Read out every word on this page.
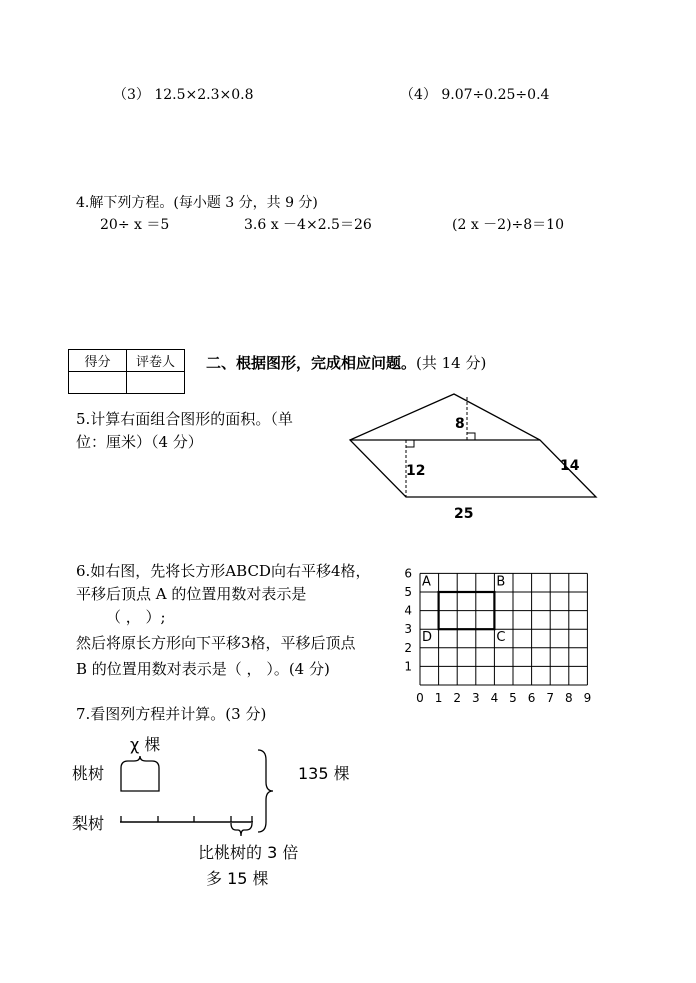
（3） 12.5×2.3×0.8	（4） 9.07÷0.25÷0.4
4.解下列方程。(每小题 3 分，共 9 分)
20÷ x ＝5	3.6 x －4×2.5＝26	(2 x －2)÷8＝10
得分	评卷人
	二、根据图形，完成相应问题。(共 14 分)
5.计算右面组合图形的面积。（单
位：厘米）（4 分）
8
12	14
25
6.如右图，先将长方形ABCD向右平移4格，
平移后顶点 A 的位置用数对表示是
（ ， ）;
然后将原长方形向下平移3格，平移后顶点
B 的位置用数对表示是（ ， ）。(4 分)
0 1 2 3 4 5 6 7 8 9
1
2
3
4
5
6
A	B
C
D
7.看图列方程并计算。(3 分)
χ 棵
桃树
梨树
135 棵
比桃树的 3 倍
多 15 棵
